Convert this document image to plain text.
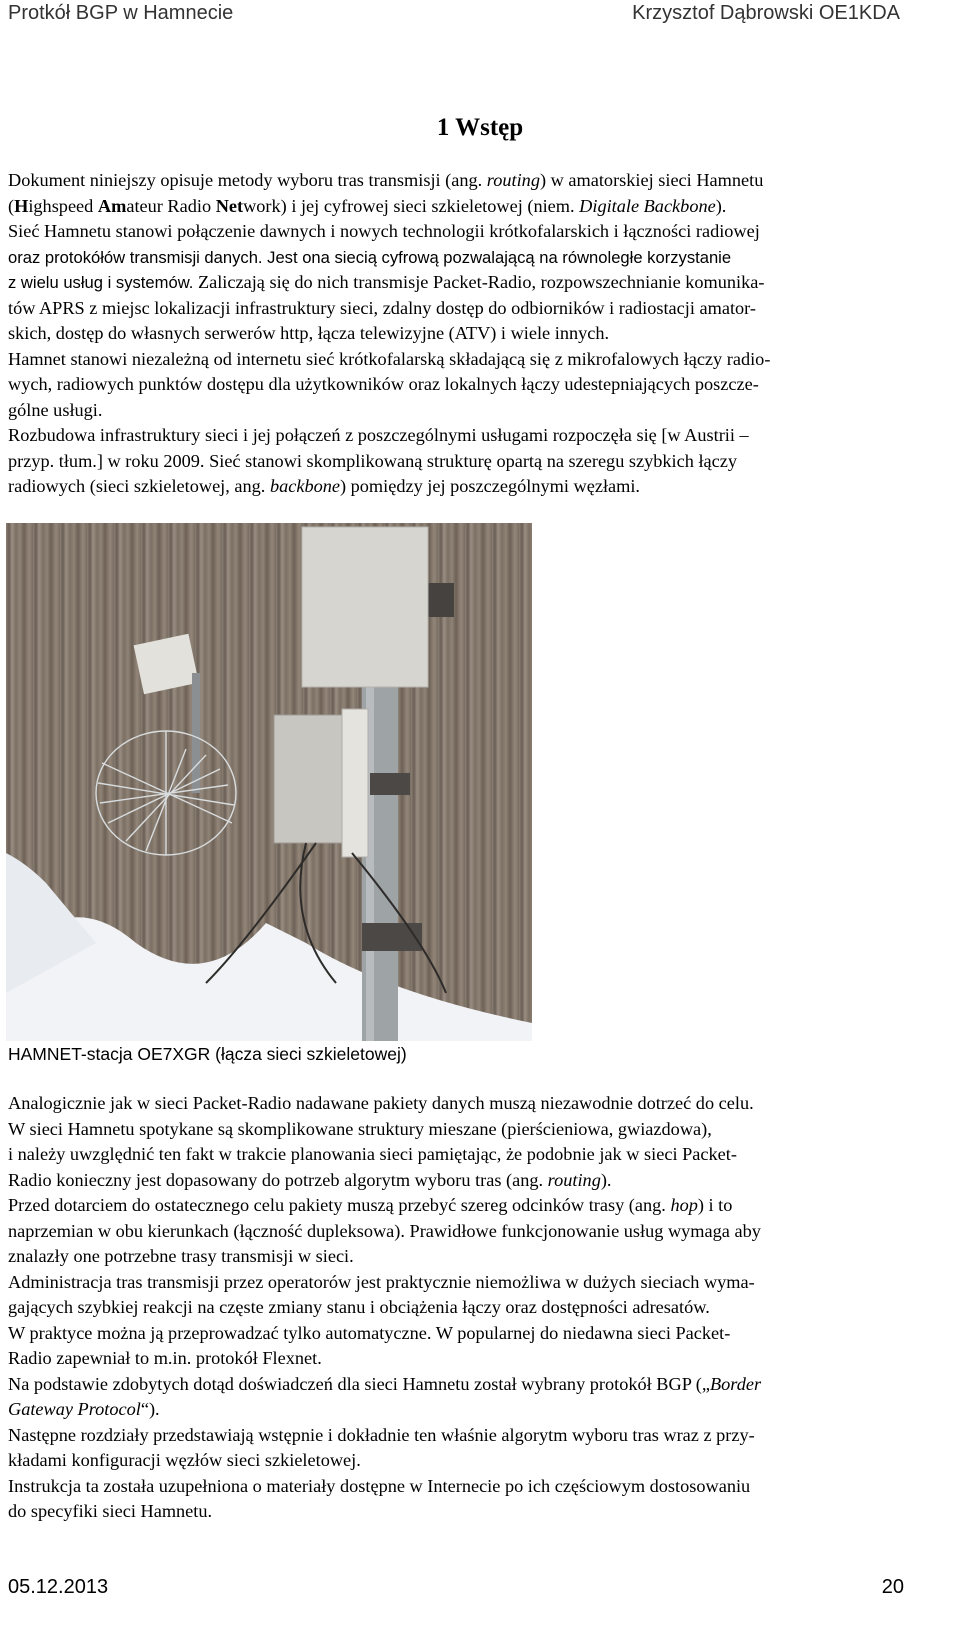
Protkół BGP w Hamnecie	Krzysztof Dąbrowski OE1KDA
1 Wstęp
Dokument niniejszy opisuje metody wyboru tras transmisji (ang. routing) w amatorskiej sieci Hamnetu
(Highspeed Amateur Radio Network) i jej cyfrowej sieci szkieletowej (niem. Digitale Backbone).
Sieć Hamnetu stanowi połączenie dawnych i nowych technologii krótkofalarskich i łączności radiowej
oraz protokółów transmisji danych. Jest ona siecią cyfrową pozwalającą na równoległe korzystanie
z wielu usług i systemów. Zaliczają się do nich transmisje Packet-Radio, rozpowszechnianie komunika-
tów APRS z miejsc lokalizacji infrastruktury sieci, zdalny dostęp do odbiorników i radiostacji amator-
skich, dostęp do własnych serwerów http, łącza telewizyjne (ATV) i wiele innych.
Hamnet stanowi niezależną od internetu sieć krótkofalarską składającą się z mikrofalowych łączy radio-
wych, radiowych punktów dostępu dla użytkowników oraz lokalnych łączy udestepniających poszcze-
gólne usługi.
Rozbudowa infrastruktury sieci i jej połączeń z poszczególnymi usługami rozpoczęła się [w Austrii –
przyp. tłum.] w roku 2009. Sieć stanowi skomplikowaną strukturę opartą na szeregu szybkich łączy
radiowych (sieci szkieletowej, ang. backbone) pomiędzy jej poszczególnymi węzłami.
HAMNET-stacja OE7XGR (łącza sieci szkieletowej)
Analogicznie jak w sieci Packet-Radio nadawane pakiety danych muszą niezawodnie dotrzeć do celu.
W sieci Hamnetu spotykane są skomplikowane struktury mieszane (pierścieniowa, gwiazdowa),
i należy uwzględnić ten fakt w trakcie planowania sieci pamiętając, że podobnie jak w sieci Packet-
Radio konieczny jest dopasowany do potrzeb algorytm wyboru tras (ang. routing).
Przed dotarciem do ostatecznego celu pakiety muszą przebyć szereg odcinków trasy (ang. hop) i to
naprzemian w obu kierunkach (łączność dupleksowa). Prawidłowe funkcjonowanie usług wymaga aby
znalazły one potrzebne trasy transmisji w sieci.
Administracja tras transmisji przez operatorów jest praktycznie niemożliwa w dużych sieciach wyma-
gających szybkiej reakcji na częste zmiany stanu i obciążenia łączy oraz dostępności adresatów.
W praktyce można ją przeprowadzać tylko automatyczne. W popularnej do niedawna sieci Packet-
Radio zapewniał to m.in. protokół Flexnet.
Na podstawie zdobytych dotąd doświadczeń dla sieci Hamnetu został wybrany protokół BGP („Border
Gateway Protocol“).
Następne rozdziały przedstawiają wstępnie i dokładnie ten właśnie algorytm wyboru tras wraz z przy-
kładami konfiguracji węzłów sieci szkieletowej.
Instrukcja ta została uzupełniona o materiały dostępne w Internecie po ich częściowym dostosowaniu
do specyfiki sieci Hamnetu.
05.12.2013	20
